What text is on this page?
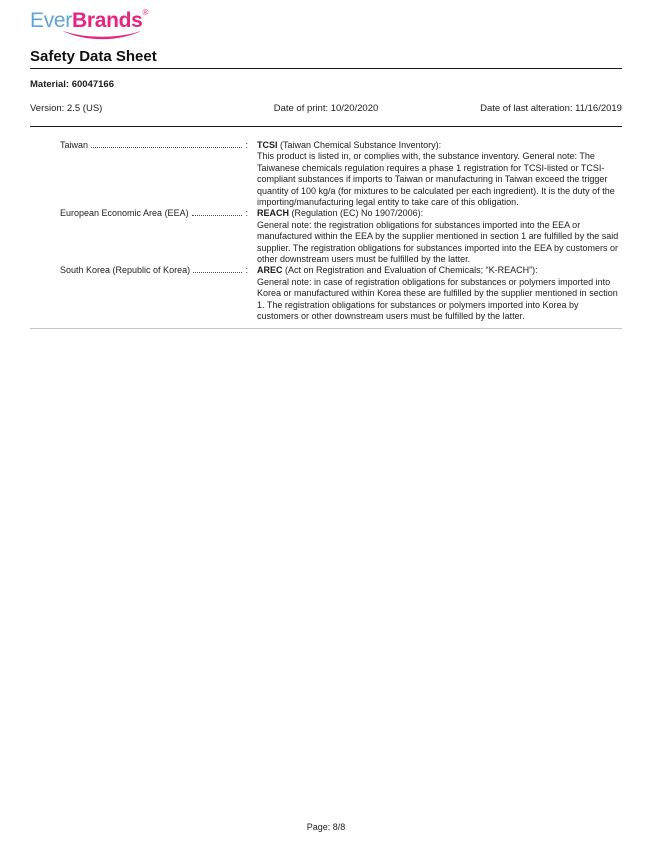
EverBrands®
Safety Data Sheet
Material: 60047166
Version: 2.5 (US)	Date of print: 10/20/2020	Date of last alteration: 11/16/2019
Taiwan	: TCSI (Taiwan Chemical Substance Inventory):
This product is listed in, or complies with, the substance inventory. General note: The Taiwanese chemicals regulation requires a phase 1 registration for TCSI-listed or TCSI-compliant substances if imports to Taiwan or manufacturing in Taiwan exceed the trigger quantity of 100 kg/a (for mixtures to be calculated per each ingredient). It is the duty of the importing/manufacturing legal entity to take care of this obligation.
European Economic Area (EEA)	: REACH (Regulation (EC) No 1907/2006):
General note: the registration obligations for substances imported into the EEA or manufactured within the EEA by the supplier mentioned in section 1 are fulfilled by the said supplier. The registration obligations for substances imported into the EEA by customers or other downstream users must be fulfilled by the latter.
South Korea (Republic of Korea)	: AREC (Act on Registration and Evaluation of Chemicals; “K-REACH”):
General note: in case of registration obligations for substances or polymers imported into Korea or manufactured within Korea these are fulfilled by the supplier mentioned in section 1. The registration obligations for substances or polymers imported into Korea by customers or other downstream users must be fulfilled by the latter.
Page: 8/8
